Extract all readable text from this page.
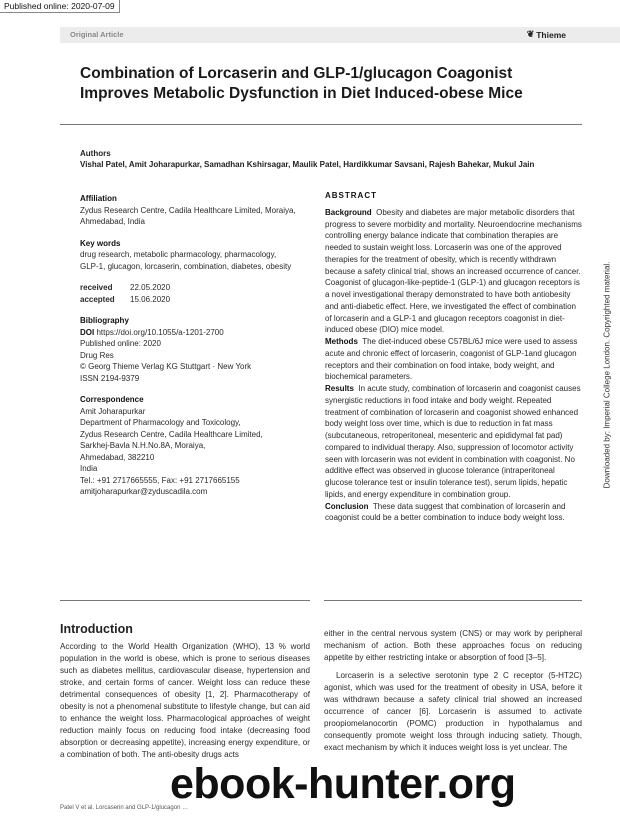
Published online: 2020-07-09
Original Article	❦ Thieme
Combination of Lorcaserin and GLP-1/glucagon Coagonist Improves Metabolic Dysfunction in Diet Induced-obese Mice
Authors
Vishal Patel, Amit Joharapurkar, Samadhan Kshirsagar, Maulik Patel, Hardikkumar Savsani, Rajesh Bahekar, Mukul Jain
Affiliation
Zydus Research Centre, Cadila Healthcare Limited, Moraiya,
Ahmedabad, India
Key words
drug research, metabolic pharmacology, pharmacology,
GLP-1, glucagon, lorcaserin, combination, diabetes, obesity
received	22.05.2020
accepted	15.06.2020
Bibliography
DOI https://doi.org/10.1055/a-1201-2700
Published online: 2020
Drug Res
© Georg Thieme Verlag KG Stuttgart · New York
ISSN 2194-9379
Correspondence
Amit Joharapurkar
Department of Pharmacology and Toxicology,
Zydus Research Centre, Cadila Healthcare Limited,
Sarkhej-Bavla N.H.No.8A, Moraiya,
Ahmedabad, 382210
India
Tel.: +91 2717665555, Fax: +91 2717665155
amitjoharapurkar@zyduscadila.com
ABSTRACT

Background Obesity and diabetes are major metabolic disorders that progress to severe morbidity and mortality. Neuroendocrine mechanisms controlling energy balance indicate that combination therapies are needed to sustain weight loss. Lorcaserin was one of the approved therapies for the treatment of obesity, which is recently withdrawn because a safety clinical trial, shows an increased occurrence of cancer. Coagonist of glucagon-like-peptide-1 (GLP-1) and glucagon receptors is a novel investigational therapy demonstrated to have both antiobesity and anti-diabetic effect. Here, we investigated the effect of combination of lorcaserin and a GLP-1 and glucagon receptors coagonist in diet-induced obese (DIO) mice model.

Methods The diet-induced obese C57BL/6J mice were used to assess acute and chronic effect of lorcaserin, coagonist of GLP-1and glucagon receptors and their combination on food intake, body weight, and biochemical parameters.

Results In acute study, combination of lorcaserin and coagonist causes synergistic reductions in food intake and body weight. Repeated treatment of combination of lorcaserin and coagonist showed enhanced body weight loss over time, which is due to reduction in fat mass (subcutaneous, retroperitoneal, mesenteric and epididymal fat pad) compared to individual therapy. Also, suppression of locomotor activity seen with lorcaserin was not evident in combination with coagonist. No additive effect was observed in glucose tolerance (intraperitoneal glucose tolerance test or insulin tolerance test), serum lipids, hepatic lipids, and energy expenditure in combination group.

Conclusion These data suggest that combination of lorcaserin and coagonist could be a better combination to induce body weight loss.

Downloaded by: Imperial College London. Copyrighted material.
Introduction

According to the World Health Organization (WHO), 13 % world population in the world is obese, which is prone to serious diseases such as diabetes mellitus, cardiovascular disease, hypertension and stroke, and certain forms of cancer. Weight loss can reduce these detrimental consequences of obesity [1, 2]. Pharmacotherapy of obesity is not a phenomenal substitute to lifestyle change, but can aid to enhance the weight loss. Pharmacological approaches of weight reduction mainly focus on reducing food intake (decreasing food absorption or decreasing appetite), increasing energy expenditure, or a combination of both. The anti-obesity drugs acts

either in the central nervous system (CNS) or may work by peripheral mechanism of action. Both these approaches focus on reducing appetite by either restricting intake or absorption of food [3–5].

Lorcaserin is a selective serotonin type 2 C receptor (5-HT2C) agonist, which was used for the treatment of obesity in USA, before it was withdrawn because a safety clinical trial showed an increased occurrence of cancer [6]. Lorcaserin is assumed to activate proopiomelanocortin (POMC) production in hypothalamus and consequently promote weight loss through inducing satiety. Though, exact mechanism by which it induces weight loss is yet unclear. The

Patel V et al. Lorcaserin and GLP-1/glucagon …
ebook-hunter.org
